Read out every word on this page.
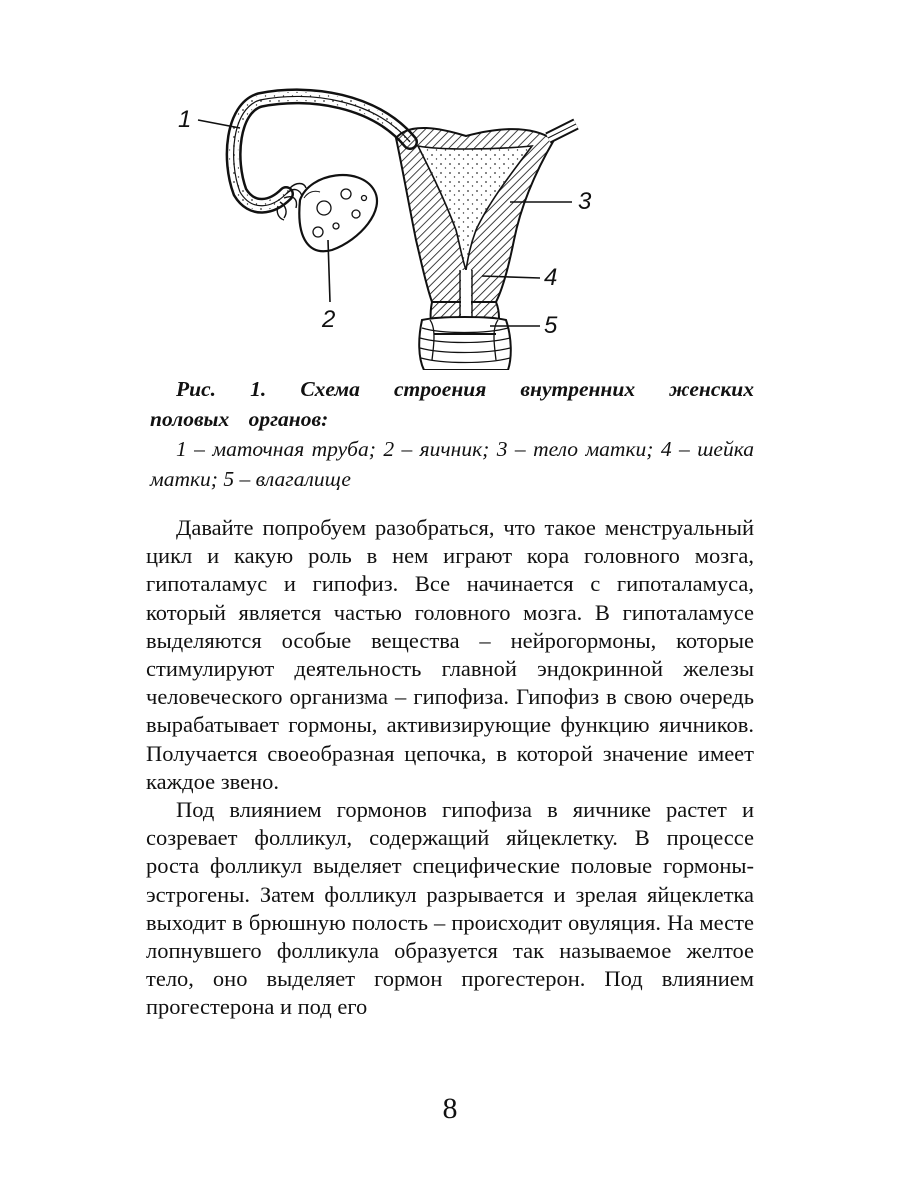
1
2
3
4
5
Рис. 1. Схема строения внутренних женских половых органов:
1 – маточная труба; 2 – яичник; 3 – тело матки; 4 – шейка матки; 5 – влагалище

Давайте попробуем разобраться, что такое менструальный цикл и какую роль в нем играют кора головного мозга, гипоталамус и гипофиз. Все начинается с гипоталамуса, который является частью головного мозга. В гипоталамусе выделяются особые вещества – нейрогормоны, которые стимулируют деятельность главной эндокринной железы человеческого организма – гипофиза. Гипофиз в свою очередь вырабатывает гормоны, активизирующие функцию яичников. Получается своеобразная цепочка, в которой значение имеет каждое звено.

Под влиянием гормонов гипофиза в яичнике растет и созревает фолликул, содержащий яйцеклетку. В процессе роста фолликул выделяет специфические половые гормоны-эстрогены. Затем фолликул разрывается и зрелая яйцеклетка выходит в брюшную полость – происходит овуляция. На месте лопнувшего фолликула образуется так называемое желтое тело, оно выделяет гормон прогестерон. Под влиянием прогестерона и под его

8
